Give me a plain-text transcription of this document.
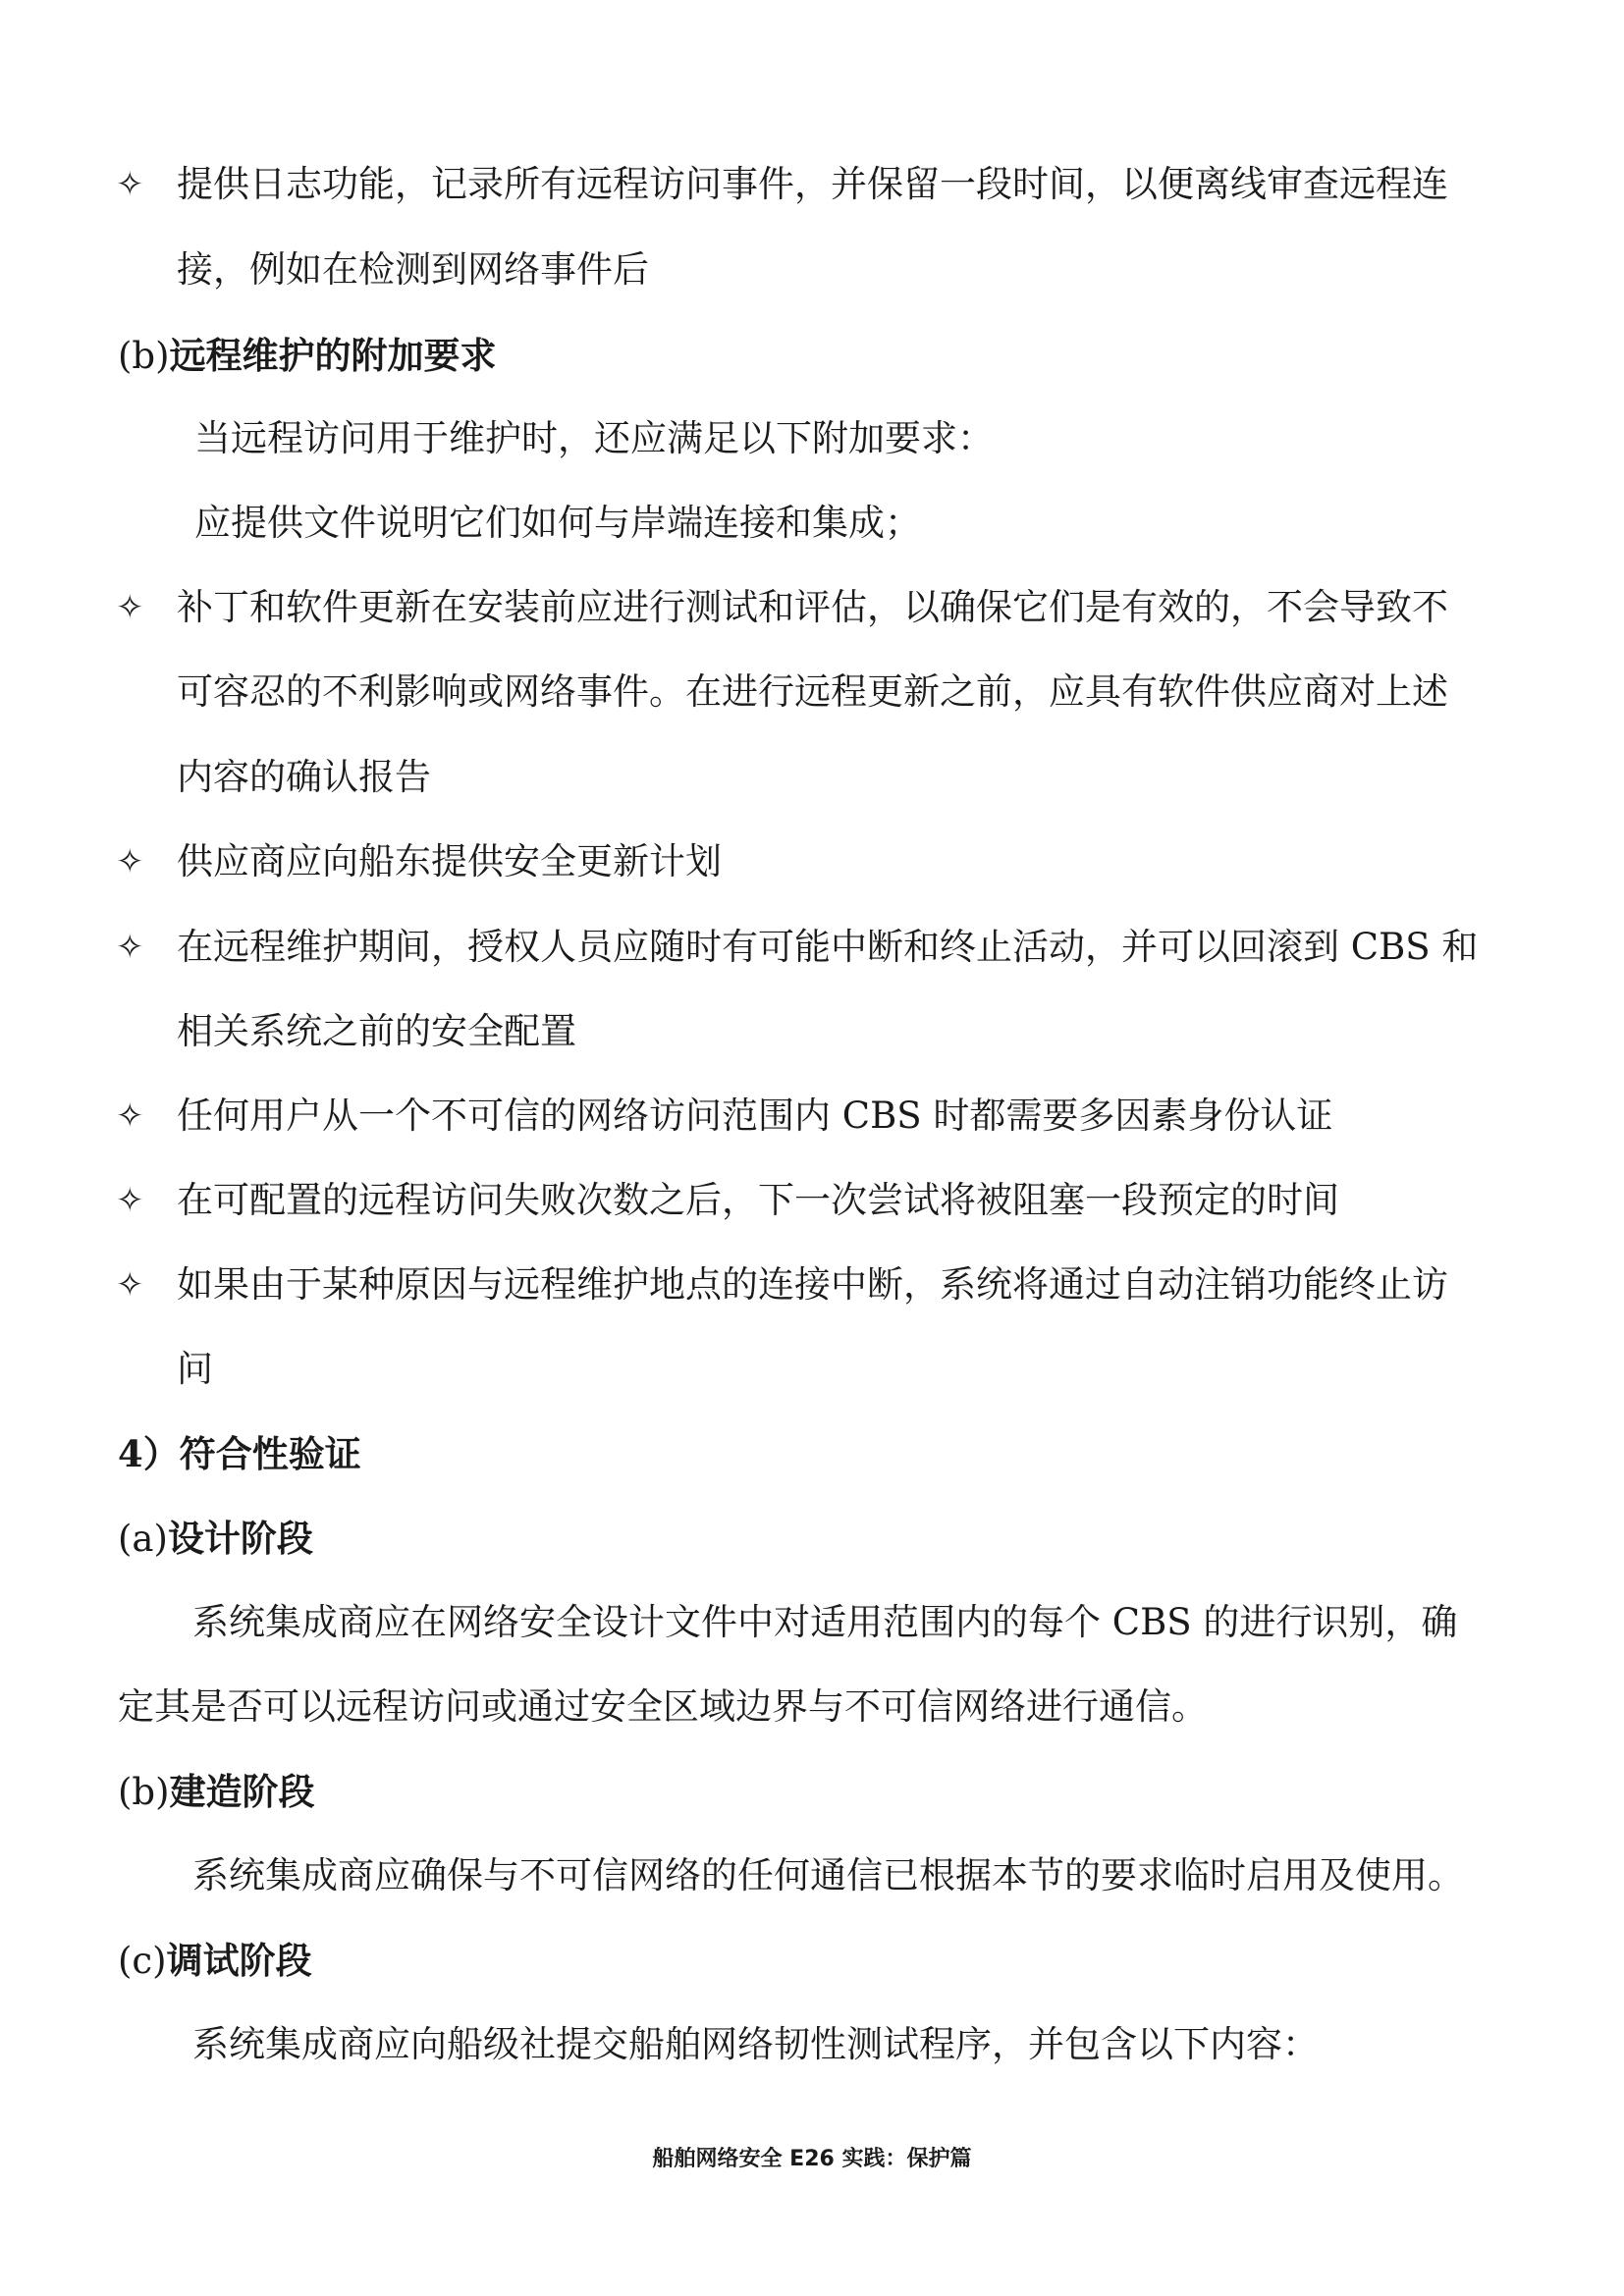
✧ 提供日志功能，记录所有远程访问事件，并保留一段时间，以便离线审查远程连
接，例如在检测到网络事件后
(b)远程维护的附加要求
当远程访问用于维护时，还应满足以下附加要求：
应提供文件说明它们如何与岸端连接和集成；
✧ 补丁和软件更新在安装前应进行测试和评估，以确保它们是有效的，不会导致不
可容忍的不利影响或网络事件。在进行远程更新之前，应具有软件供应商对上述
内容的确认报告
✧ 供应商应向船东提供安全更新计划
✧ 在远程维护期间，授权人员应随时有可能中断和终止活动，并可以回滚到 CBS 和
相关系统之前的安全配置
✧ 任何用户从一个不可信的网络访问范围内 CBS 时都需要多因素身份认证
✧ 在可配置的远程访问失败次数之后，下一次尝试将被阻塞一段预定的时间
✧ 如果由于某种原因与远程维护地点的连接中断，系统将通过自动注销功能终止访
问
4）符合性验证
(a)设计阶段
系统集成商应在网络安全设计文件中对适用范围内的每个 CBS 的进行识别，确
定其是否可以远程访问或通过安全区域边界与不可信网络进行通信。
(b)建造阶段
系统集成商应确保与不可信网络的任何通信已根据本节的要求临时启用及使用。
(c)调试阶段
系统集成商应向船级社提交船舶网络韧性测试程序，并包含以下内容：
船舶网络安全 E26 实践：保护篇
